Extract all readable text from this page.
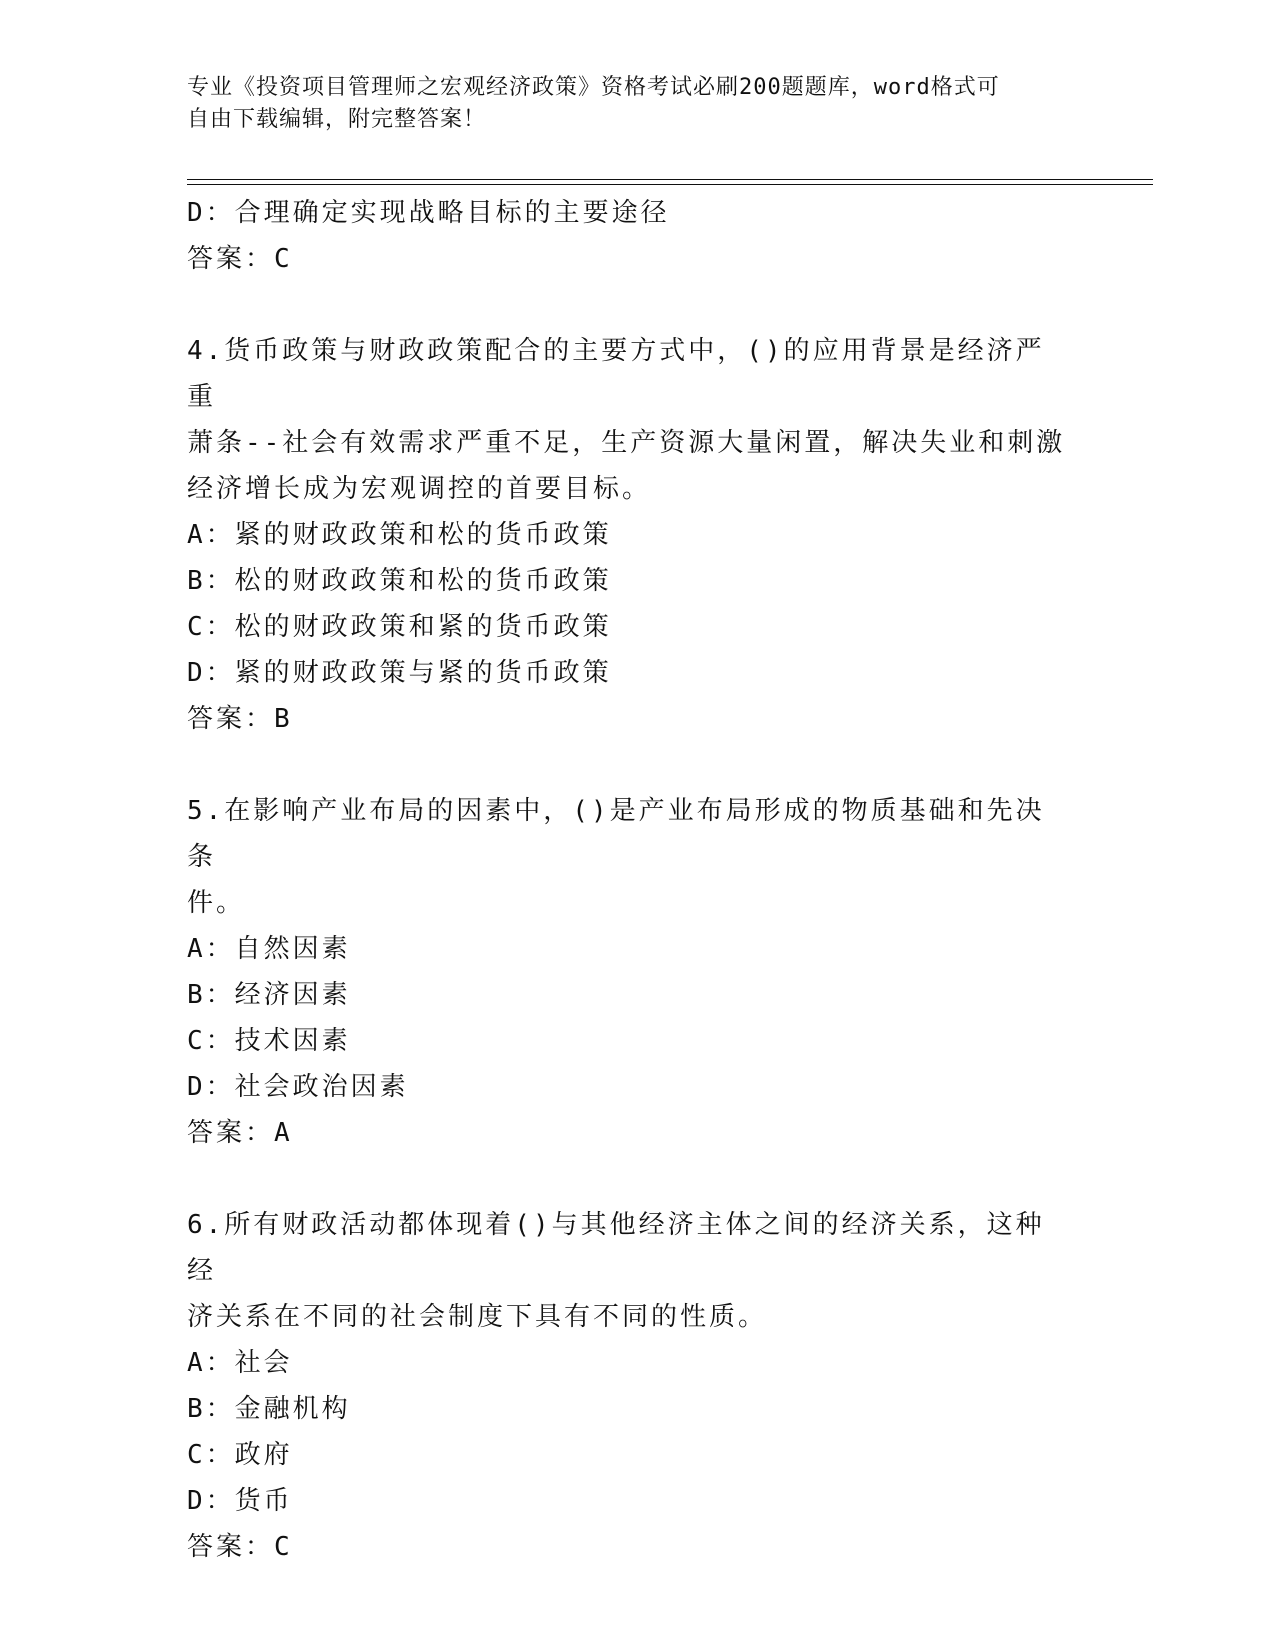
专业《投资项目管理师之宏观经济政策》资格考试必刷200题题库，word格式可
自由下载编辑，附完整答案！
D：合理确定实现战略目标的主要途径
答案：C
4.货币政策与财政政策配合的主要方式中，()的应用背景是经济严重
萧条--社会有效需求严重不足，生产资源大量闲置，解决失业和刺激
经济增长成为宏观调控的首要目标。
A：紧的财政政策和松的货币政策
B：松的财政政策和松的货币政策
C：松的财政政策和紧的货币政策
D：紧的财政政策与紧的货币政策
答案：B
5.在影响产业布局的因素中，()是产业布局形成的物质基础和先决条
件。
A：自然因素
B：经济因素
C：技术因素
D：社会政治因素
答案：A
6.所有财政活动都体现着()与其他经济主体之间的经济关系，这种经
济关系在不同的社会制度下具有不同的性质。
A：社会
B：金融机构
C：政府
D：货币
答案：C
